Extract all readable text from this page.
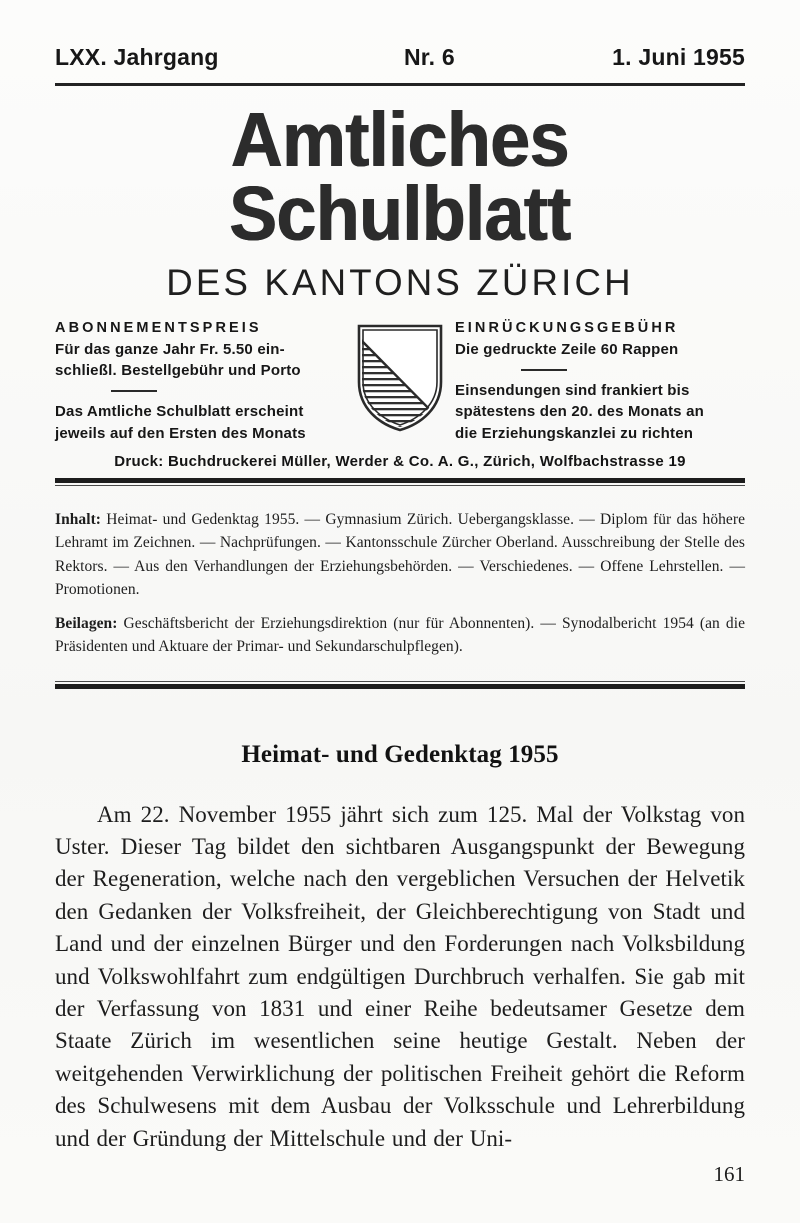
LXX. Jahrgang	Nr. 6	1. Juni 1955
Amtliches Schulblatt
DES KANTONS ZÜRICH
ABONNEMENTSPREIS
Für das ganze Jahr Fr. 5.50 ein-
schließl. Bestellgebühr und Porto
Das Amtliche Schulblatt erscheint
jeweils auf den Ersten des Monats
EINRÜCKUNGSGEBÜHR
Die gedruckte Zeile 60 Rappen
Einsendungen sind frankiert bis
spätestens den 20. des Monats an
die Erziehungskanzlei zu richten
Druck: Buchdruckerei Müller, Werder & Co. A. G., Zürich, Wolfbachstrasse 19

Inhalt: Heimat- und Gedenktag 1955. — Gymnasium Zürich. Uebergangsklasse. — Diplom für das höhere Lehramt im Zeichnen. — Nachprüfungen. — Kantonsschule Zürcher Oberland. Ausschreibung der Stelle des Rektors. — Aus den Verhandlungen der Erziehungsbehörden. — Verschiedenes. — Offene Lehrstellen. — Promotionen.

Beilagen: Geschäftsbericht der Erziehungsdirektion (nur für Abonnenten). — Synodalbericht 1954 (an die Präsidenten und Aktuare der Primar- und Sekundarschulpflegen).

Heimat- und Gedenktag 1955
Am 22. November 1955 jährt sich zum 125. Mal der Volkstag von Uster. Dieser Tag bildet den sichtbaren Ausgangspunkt der Bewegung der Regeneration, welche nach den vergeblichen Versuchen der Helvetik den Gedanken der Volksfreiheit, der Gleichberechtigung von Stadt und Land und der einzelnen Bürger und den Forderungen nach Volksbildung und Volkswohlfahrt zum endgültigen Durchbruch verhalfen. Sie gab mit der Verfassung von 1831 und einer Reihe bedeutsamer Gesetze dem Staate Zürich im wesentlichen seine heutige Gestalt. Neben der weitgehenden Verwirklichung der politischen Freiheit gehört die Reform des Schulwesens mit dem Ausbau der Volksschule und Lehrerbildung und der Gründung der Mittelschule und der Uni-
161
